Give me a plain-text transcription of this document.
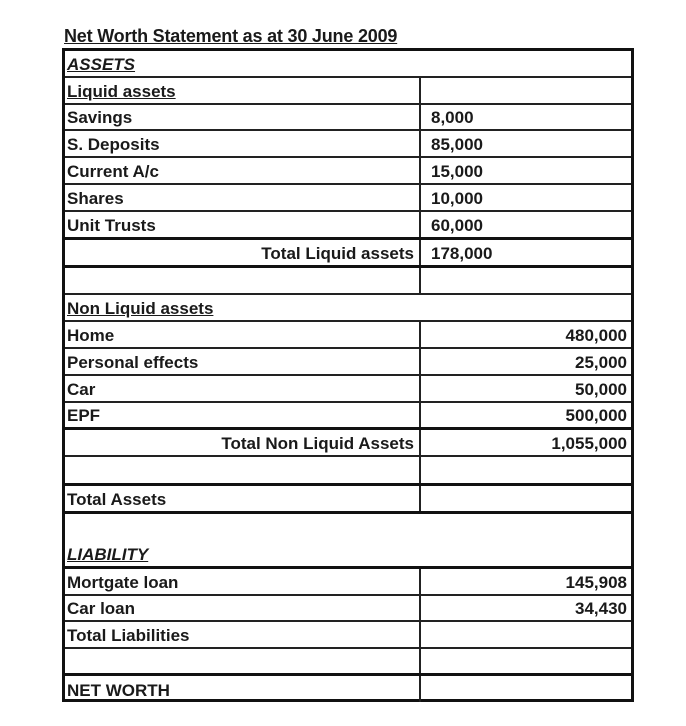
Net Worth Statement as at 30 June 2009
ASSETS
Liquid assets
Savings	8,000
S. Deposits	85,000
Current A/c	15,000
Shares	10,000
Unit Trusts	60,000
Total Liquid assets 178,000
Non Liquid assets
Home	480,000
Personal effects	25,000
Car	50,000
EPF	500,000
Total Non Liquid Assets	1,055,000
Total Assets
LIABILITY
Mortgate loan	145,908
Car loan	34,430
Total Liabilities
NET WORTH
